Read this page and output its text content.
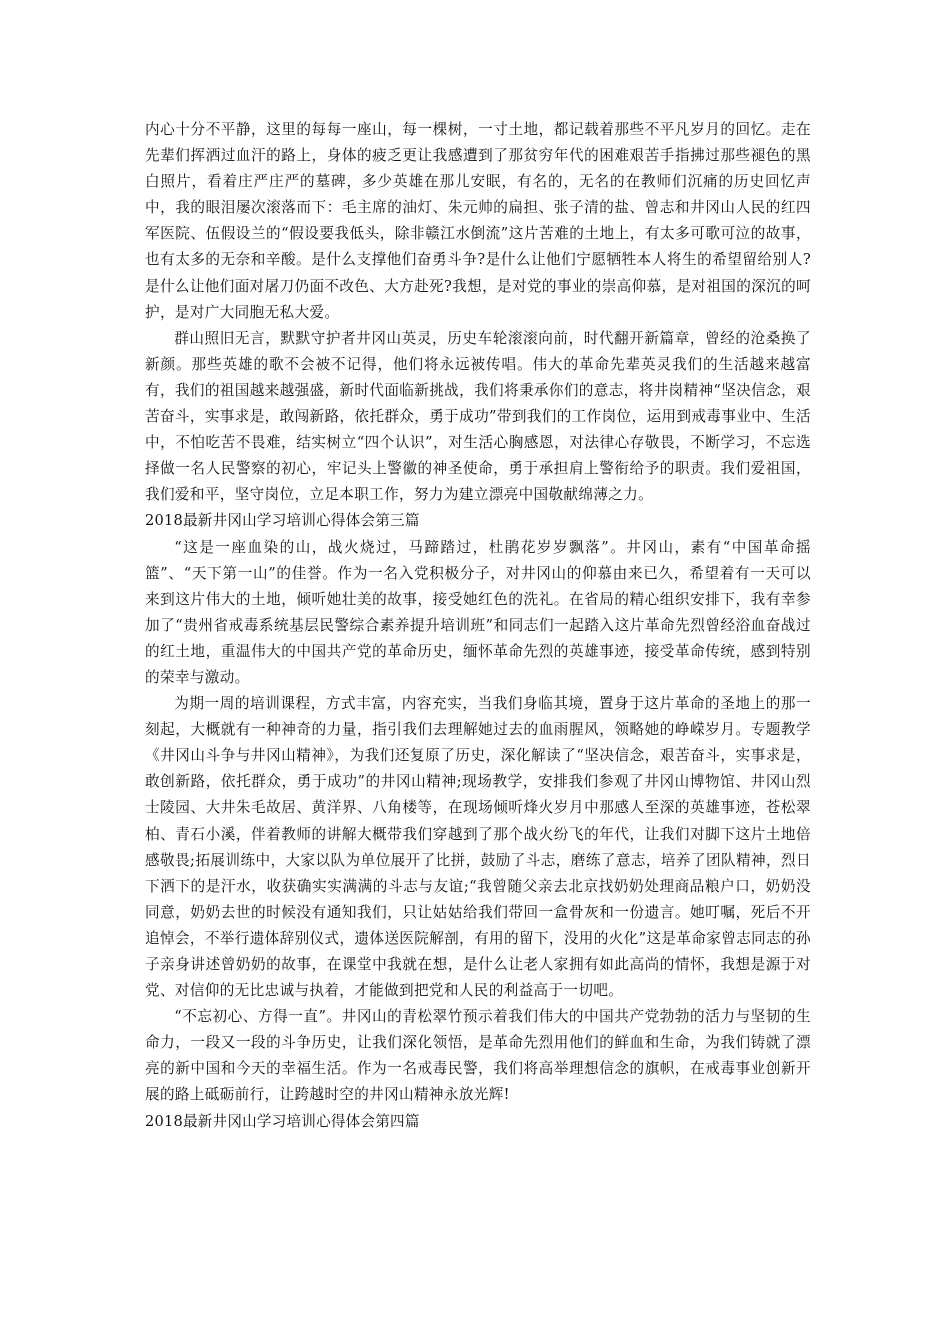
内心十分不平静，这里的每每一座山，每一棵树，一寸土地，都记载着那些不平凡岁月的回忆。走在先辈们挥洒过血汗的路上，身体的疲乏更让我感遭到了那贫穷年代的困难艰苦手指拂过那些褪色的黑白照片，看着庄严庄严的墓碑，多少英雄在那儿安眠，有名的，无名的在教师们沉痛的历史回忆声中，我的眼泪屡次滚落而下：毛主席的油灯、朱元帅的扁担、张子清的盐、曾志和井冈山人民的红四军医院、伍假设兰的“假设要我低头，除非赣江水倒流”这片苦难的土地上，有太多可歌可泣的故事，也有太多的无奈和辛酸。是什么支撑他们奋勇斗争?是什么让他们宁愿牺牲本人将生的希望留给别人?是什么让他们面对屠刀仍面不改色、大方赴死?我想，是对党的事业的崇高仰慕，是对祖国的深沉的呵护，是对广大同胞无私大爱。

群山照旧无言，默默守护者井冈山英灵，历史车轮滚滚向前，时代翻开新篇章，曾经的沧桑换了新颜。那些英雄的歌不会被不记得，他们将永远被传唱。伟大的革命先辈英灵我们的生活越来越富有，我们的祖国越来越强盛，新时代面临新挑战，我们将秉承你们的意志，将井岗精神“坚决信念，艰苦奋斗，实事求是，敢闯新路，依托群众，勇于成功”带到我们的工作岗位，运用到戒毒事业中、生活中，不怕吃苦不畏难，结实树立“四个认识”，对生活心胸感恩，对法律心存敬畏，不断学习，不忘选择做一名人民警察的初心，牢记头上警徽的神圣使命，勇于承担肩上警衔给予的职责。我们爱祖国，我们爱和平，坚守岗位，立足本职工作，努力为建立漂亮中国敬献绵薄之力。

2018最新井冈山学习培训心得体会第三篇

“这是一座血染的山，战火烧过，马蹄踏过，杜鹃花岁岁飘落”。井冈山，素有“中国革命摇篮”、“天下第一山”的佳誉。作为一名入党积极分子，对井冈山的仰慕由来已久，希望着有一天可以来到这片伟大的土地，倾听她壮美的故事，接受她红色的洗礼。在省局的精心组织安排下，我有幸参加了“贵州省戒毒系统基层民警综合素养提升培训班”和同志们一起踏入这片革命先烈曾经浴血奋战过的红土地，重温伟大的中国共产党的革命历史，缅怀革命先烈的英雄事迹，接受革命传统，感到特别的荣幸与激动。

为期一周的培训课程，方式丰富，内容充实，当我们身临其境，置身于这片革命的圣地上的那一刻起，大概就有一种神奇的力量，指引我们去理解她过去的血雨腥风，领略她的峥嵘岁月。专题教学《井冈山斗争与井冈山精神》，为我们还复原了历史，深化解读了“坚决信念，艰苦奋斗，实事求是，敢创新路，依托群众，勇于成功”的井冈山精神;现场教学，安排我们参观了井冈山博物馆、井冈山烈士陵园、大井朱毛故居、黄洋界、八角楼等，在现场倾听烽火岁月中那感人至深的英雄事迹，苍松翠柏、青石小溪，伴着教师的讲解大概带我们穿越到了那个战火纷飞的年代，让我们对脚下这片土地倍感敬畏;拓展训练中，大家以队为单位展开了比拼，鼓励了斗志，磨练了意志，培养了团队精神，烈日下洒下的是汗水，收获确实实满满的斗志与友谊;“我曾随父亲去北京找奶奶处理商品粮户口，奶奶没同意，奶奶去世的时候没有通知我们，只让姑姑给我们带回一盒骨灰和一份遗言。她叮嘱，死后不开追悼会，不举行遗体辞别仪式，遗体送医院解剖，有用的留下，没用的火化”这是革命家曾志同志的孙子亲身讲述曾奶奶的故事，在课堂中我就在想，是什么让老人家拥有如此高尚的情怀，我想是源于对党、对信仰的无比忠诚与执着，才能做到把党和人民的利益高于一切吧。

“不忘初心、方得一直”。井冈山的青松翠竹预示着我们伟大的中国共产党勃勃的活力与坚韧的生命力，一段又一段的斗争历史，让我们深化领悟，是革命先烈用他们的鲜血和生命，为我们铸就了漂亮的新中国和今天的幸福生活。作为一名戒毒民警，我们将高举理想信念的旗帜，在戒毒事业创新开展的路上砥砺前行，让跨越时空的井冈山精神永放光辉!

2018最新井冈山学习培训心得体会第四篇
